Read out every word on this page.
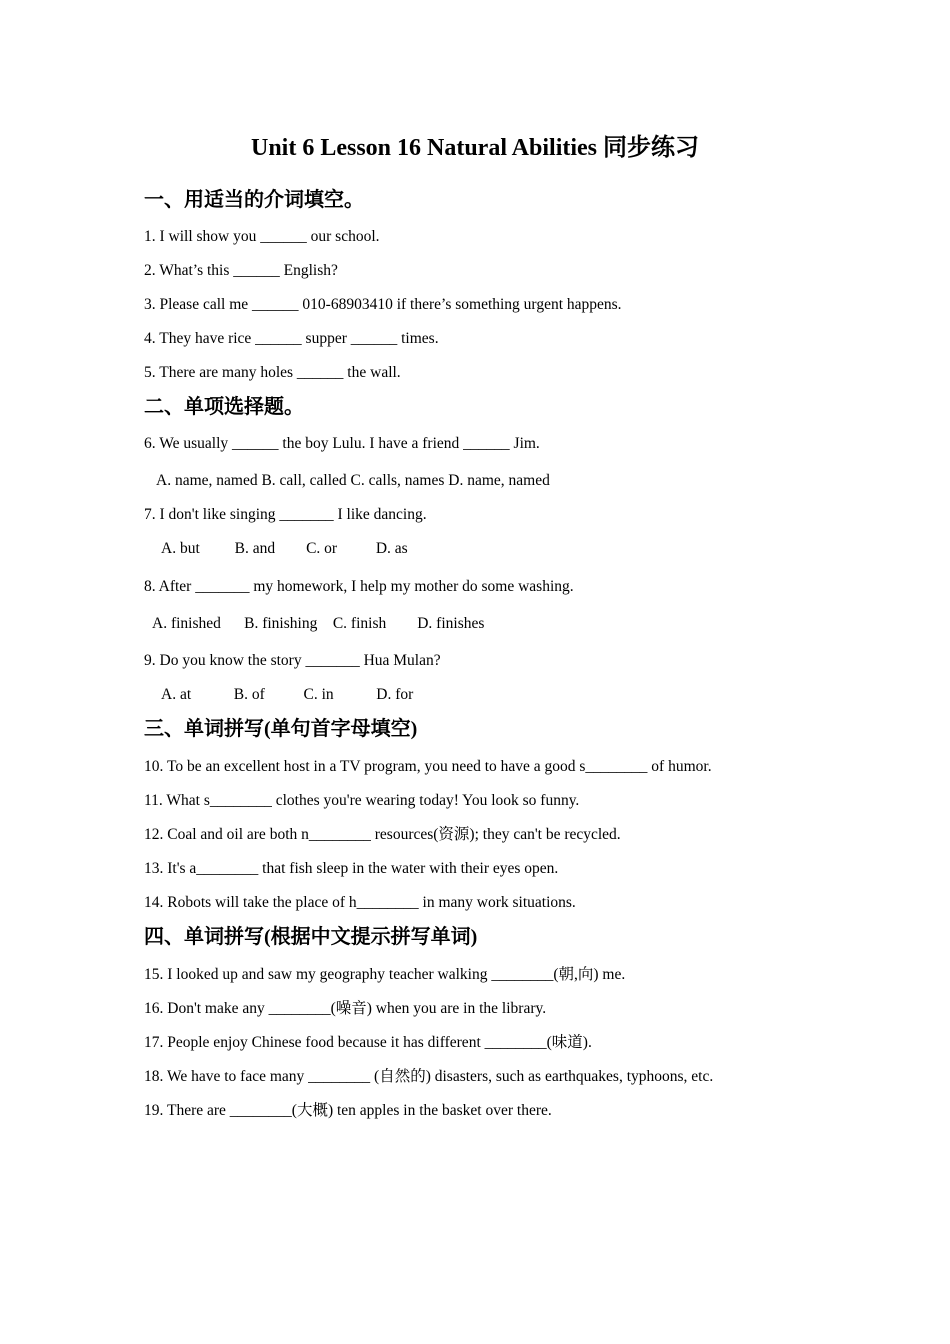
Unit 6 Lesson 16 Natural Abilities 同步练习
一、用适当的介词填空。
1. I will show you ______ our school.
2. What’s this ______ English?
3. Please call me ______ 010-68903410 if there’s something urgent happens.
4. They have rice ______ supper ______ times.
5. There are many holes ______ the wall.
二、单项选择题。
6. We usually ______ the boy Lulu. I have a friend ______ Jim.
A. name, named B. call, called C. calls, names D. name, named
7. I don't like singing _______ I like dancing.
A. but         B. and        C. or          D. as
8. After _______ my homework, I help my mother do some washing.
A. finished      B. finishing    C. finish        D. finishes
9. Do you know the story _______ Hua Mulan?
A. at           B. of          C. in           D. for
三、单词拼写(单句首字母填空)
10. To be an excellent host in a TV program, you need to have a good s________ of humor.
11. What s________ clothes you're wearing today! You look so funny.
12. Coal and oil are both n________ resources(资源); they can't be recycled.
13. It's a________ that fish sleep in the water with their eyes open.
14. Robots will take the place of h________ in many work situations.
四、单词拼写(根据中文提示拼写单词)
15. I looked up and saw my geography teacher walking ________(朝,向) me.
16. Don't make any ________(噪音) when you are in the library.
17. People enjoy Chinese food because it has different ________(味道).
18. We have to face many ________ (自然的) disasters, such as earthquakes, typhoons, etc.
19. There are ________(大概) ten apples in the basket over there.
